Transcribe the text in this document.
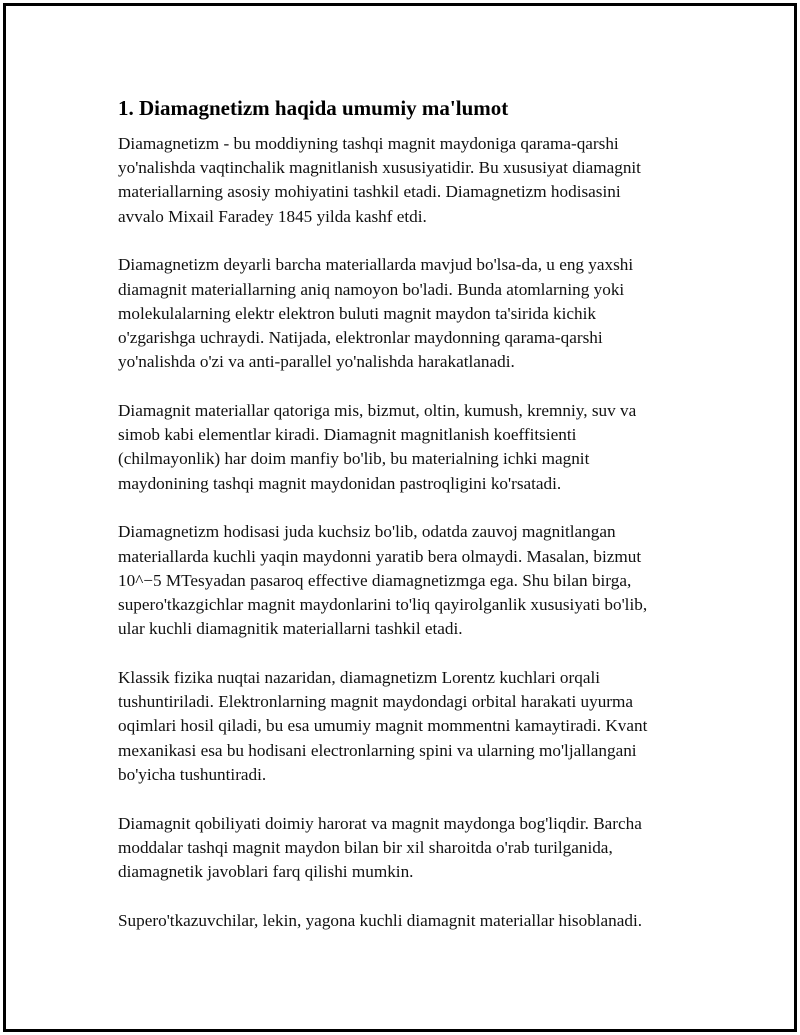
1. Diamagnetizm haqida umumiy ma'lumot

Diamagnetizm - bu moddiyning tashqi magnit maydoniga qarama-qarshi
yo'nalishda vaqtinchalik magnitlanish xususiyatidir. Bu xususiyat diamagnit
materiallarning asosiy mohiyatini tashkil etadi. Diamagnetizm hodisasini
avvalo Mixail Faradey 1845 yilda kashf etdi.

Diamagnetizm deyarli barcha materiallarda mavjud bo'lsa-da, u eng yaxshi
diamagnit materiallarning aniq namoyon bo'ladi. Bunda atomlarning yoki
molekulalarning elektr elektron buluti magnit maydon ta'sirida kichik
o'zgarishga uchraydi. Natijada, elektronlar maydonning qarama-qarshi
yo'nalishda o'zi va anti-parallel yo'nalishda harakatlanadi.

Diamagnit materiallar qatoriga mis, bizmut, oltin, kumush, kremniy, suv va
simob kabi elementlar kiradi. Diamagnit magnitlanish koeffitsienti
(chilmayonlik) har doim manfiy bo'lib, bu materialning ichki magnit
maydonining tashqi magnit maydonidan pastroqligini ko'rsatadi.

Diamagnetizm hodisasi juda kuchsiz bo'lib, odatda zauvoj magnitlangan
materiallarda kuchli yaqin maydonni yaratib bera olmaydi. Masalan, bizmut
10^−5 MTesyadan pasaroq effective diamagnetizmga ega. Shu bilan birga,
supero'tkazgichlar magnit maydonlarini to'liq qayirolganlik xususiyati bo'lib,
ular kuchli diamagnitik materiallarni tashkil etadi.

Klassik fizika nuqtai nazaridan, diamagnetizm Lorentz kuchlari orqali
tushuntiriladi. Elektronlarning magnit maydondagi orbital harakati uyurma
oqimlari hosil qiladi, bu esa umumiy magnit mommentni kamaytiradi. Kvant
mexanikasi esa bu hodisani electronlarning spini va ularning mo'ljallangani
bo'yicha tushuntiradi.

Diamagnit qobiliyati doimiy harorat va magnit maydonga bog'liqdir. Barcha
moddalar tashqi magnit maydon bilan bir xil sharoitda o'rab turilganida,
diamagnetik javoblari farq qilishi mumkin.

Supero'tkazuvchilar, lekin, yagona kuchli diamagnit materiallar hisoblanadi.
